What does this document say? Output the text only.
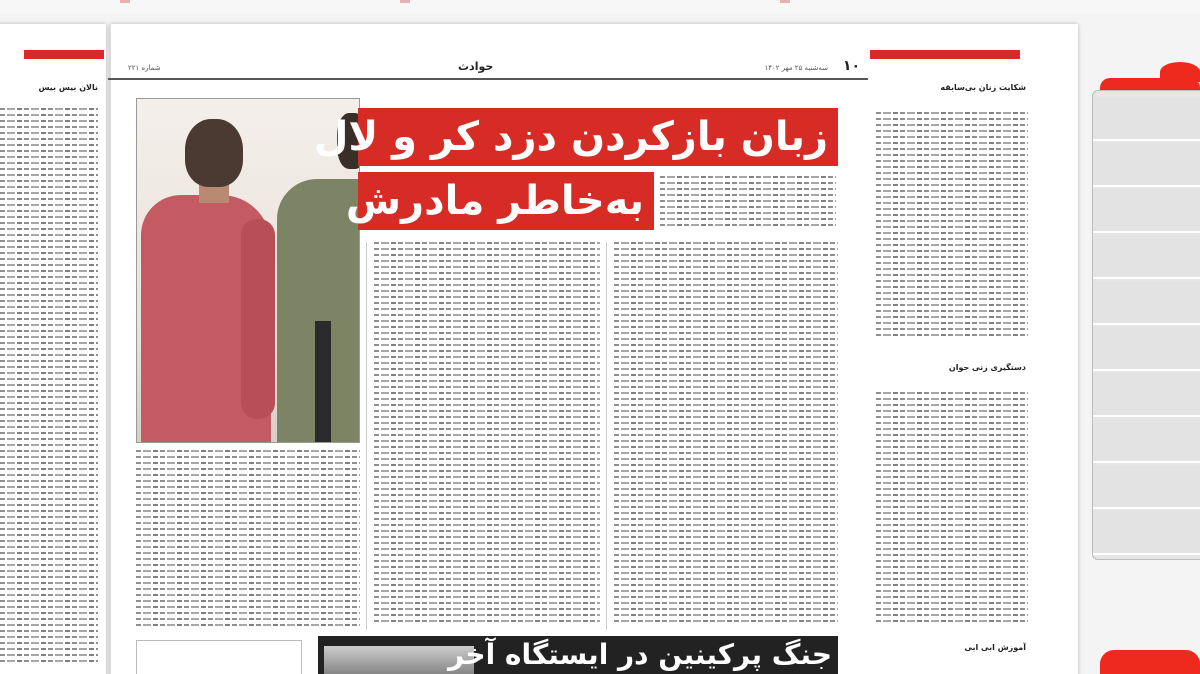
نالان بیس بیس
۱۰
حوادث	سه‌شنبه ۲۵ مهر ۱۴۰۲
شماره ۲۲۱
زبان بازکردن دزد کر و لال
به‌خاطر مادرش
جنگ پرکینین در ایستگاه آخر
شکایت زنان بی‌سابقه
دستگیری زنی جوان
آموزش‌ ابی ابی
